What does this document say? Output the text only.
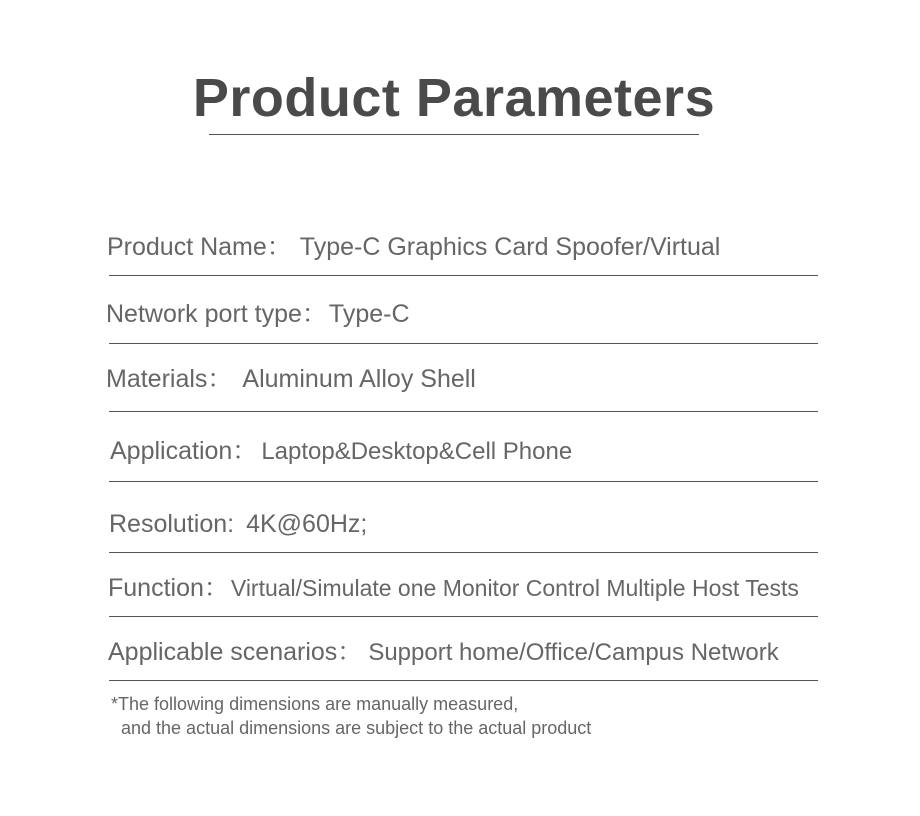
Product Parameters
Product Name： Type-C Graphics Card Spoofer/Virtual
Network port type：Type-C
Materials： Aluminum Alloy Shell
Application： Laptop&Desktop&Cell Phone
Resolution: 4K@60Hz;
Function：Virtual/Simulate one Monitor Control Multiple Host Tests
Applicable scenarios： Support home/Office/Campus Network
*The following dimensions are manually measured,
and the actual dimensions are subject to the actual product
